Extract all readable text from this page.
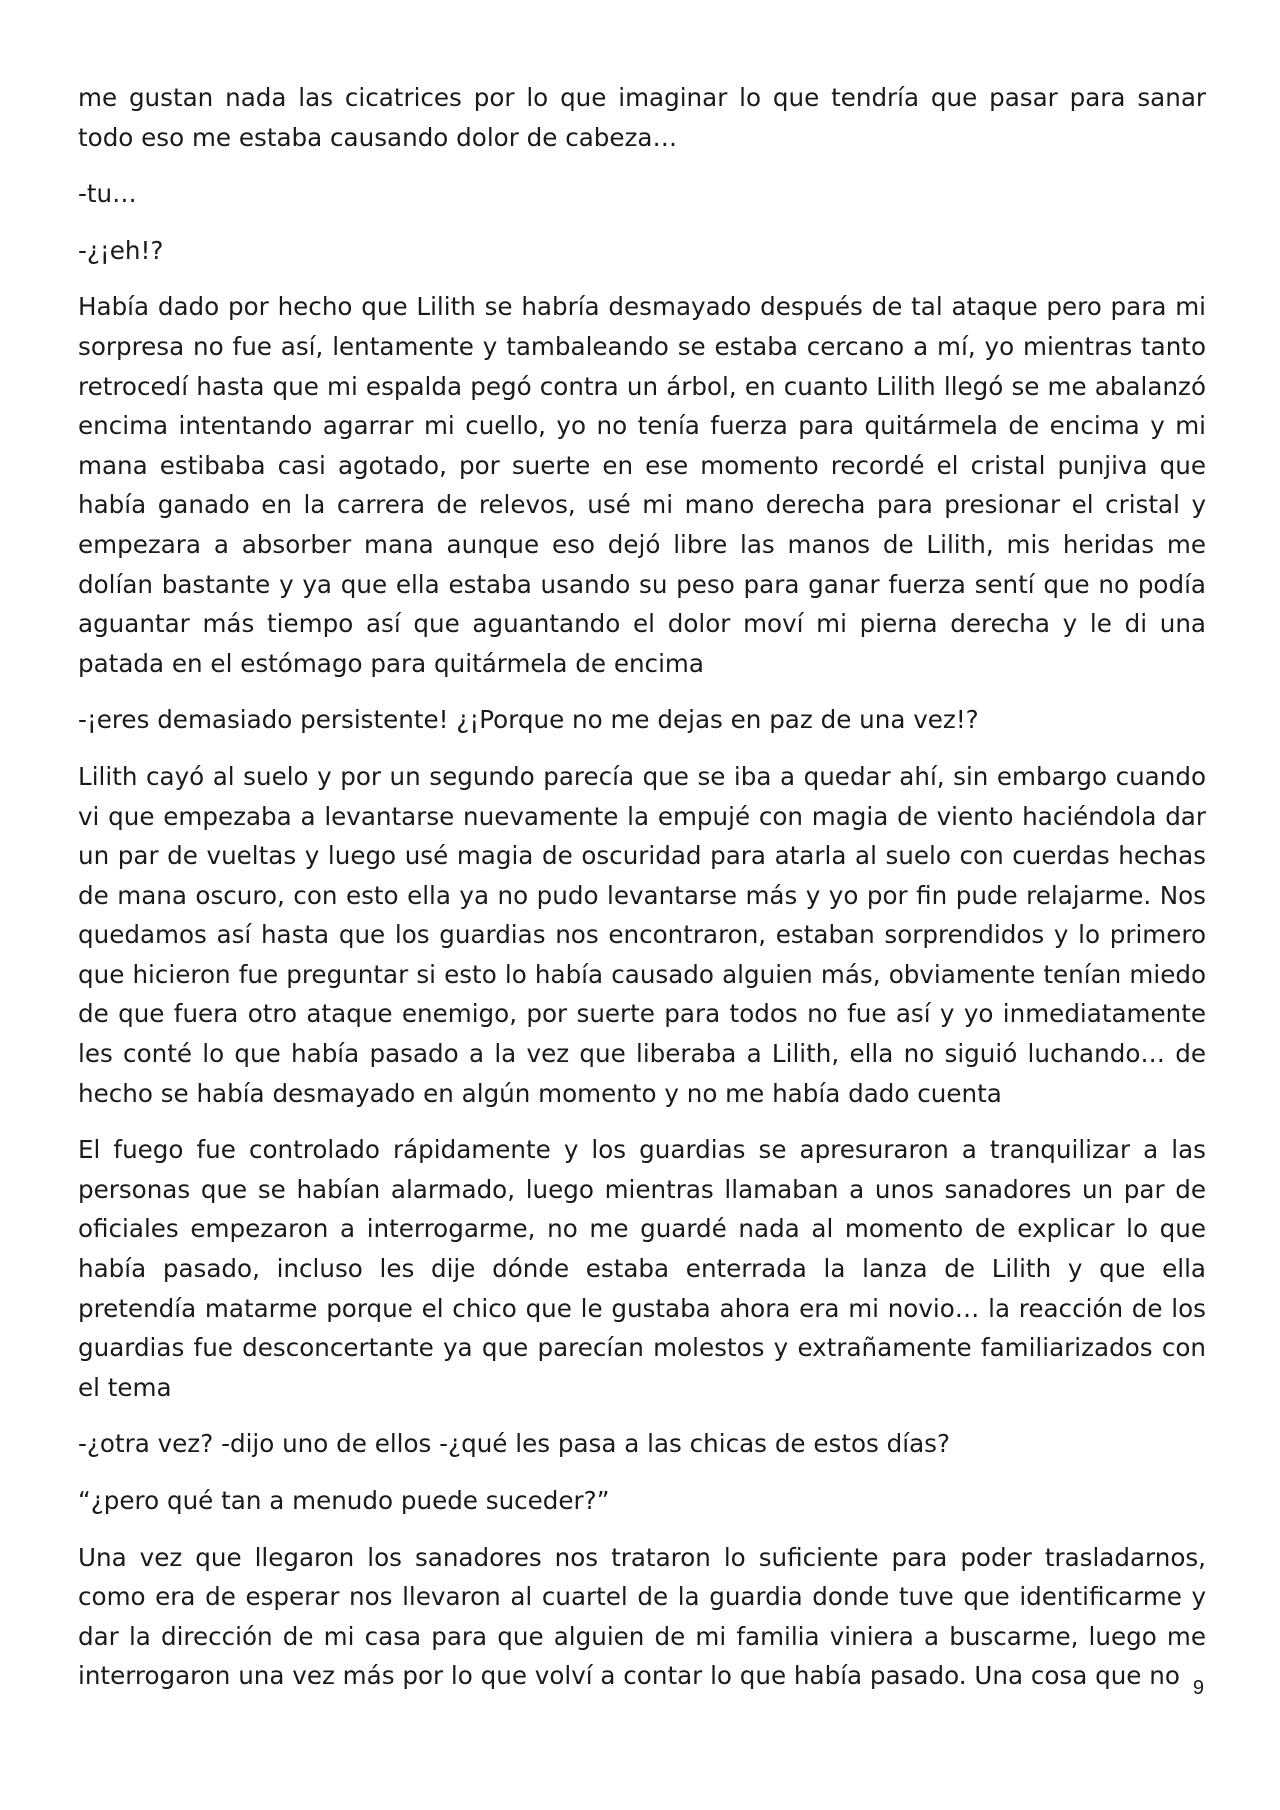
me gustan nada las cicatrices por lo que imaginar lo que tendría que pasar para sanar todo eso me estaba causando dolor de cabeza…

-tu…

-¿¡eh!?

Había dado por hecho que Lilith se habría desmayado después de tal ataque pero para mi sorpresa no fue así, lentamente y tambaleando se estaba cercano a mí, yo mientras tanto retrocedí hasta que mi espalda pegó contra un árbol, en cuanto Lilith llegó se me abalanzó encima intentando agarrar mi cuello, yo no tenía fuerza para quitármela de encima y mi mana estibaba casi agotado, por suerte en ese momento recordé el cristal punjiva que había ganado en la carrera de relevos, usé mi mano derecha para presionar el cristal y empezara a absorber mana aunque eso dejó libre las manos de Lilith, mis heridas me dolían bastante y ya que ella estaba usando su peso para ganar fuerza sentí que no podía aguantar más tiempo así que aguantando el dolor moví mi pierna derecha y le di una patada en el estómago para quitármela de encima

-¡eres demasiado persistente! ¿¡Porque no me dejas en paz de una vez!?

Lilith cayó al suelo y por un segundo parecía que se iba a quedar ahí, sin embargo cuando vi que empezaba a levantarse nuevamente la empujé con magia de viento haciéndola dar un par de vueltas y luego usé magia de oscuridad para atarla al suelo con cuerdas hechas de mana oscuro, con esto ella ya no pudo levantarse más y yo por fin pude relajarme. Nos quedamos así hasta que los guardias nos encontraron, estaban sorprendidos y lo primero que hicieron fue preguntar si esto lo había causado alguien más, obviamente tenían miedo de que fuera otro ataque enemigo, por suerte para todos no fue así y yo inmediatamente les conté lo que había pasado a la vez que liberaba a Lilith, ella no siguió luchando… de hecho se había desmayado en algún momento y no me había dado cuenta

El fuego fue controlado rápidamente y los guardias se apresuraron a tranquilizar a las personas que se habían alarmado, luego mientras llamaban a unos sanadores un par de oficiales empezaron a interrogarme, no me guardé nada al momento de explicar lo que había pasado, incluso les dije dónde estaba enterrada la lanza de Lilith y que ella pretendía matarme porque el chico que le gustaba ahora era mi novio… la reacción de los guardias fue desconcertante ya que parecían molestos y extrañamente familiarizados con el tema

-¿otra vez? -dijo uno de ellos -¿qué les pasa a las chicas de estos días?

“¿pero qué tan a menudo puede suceder?”

Una vez que llegaron los sanadores nos trataron lo suficiente para poder trasladarnos, como era de esperar nos llevaron al cuartel de la guardia donde tuve que identificarme y dar la dirección de mi casa para que alguien de mi familia viniera a buscarme, luego me interrogaron una vez más por lo que volví a contar lo que había pasado. Una cosa que no 9
